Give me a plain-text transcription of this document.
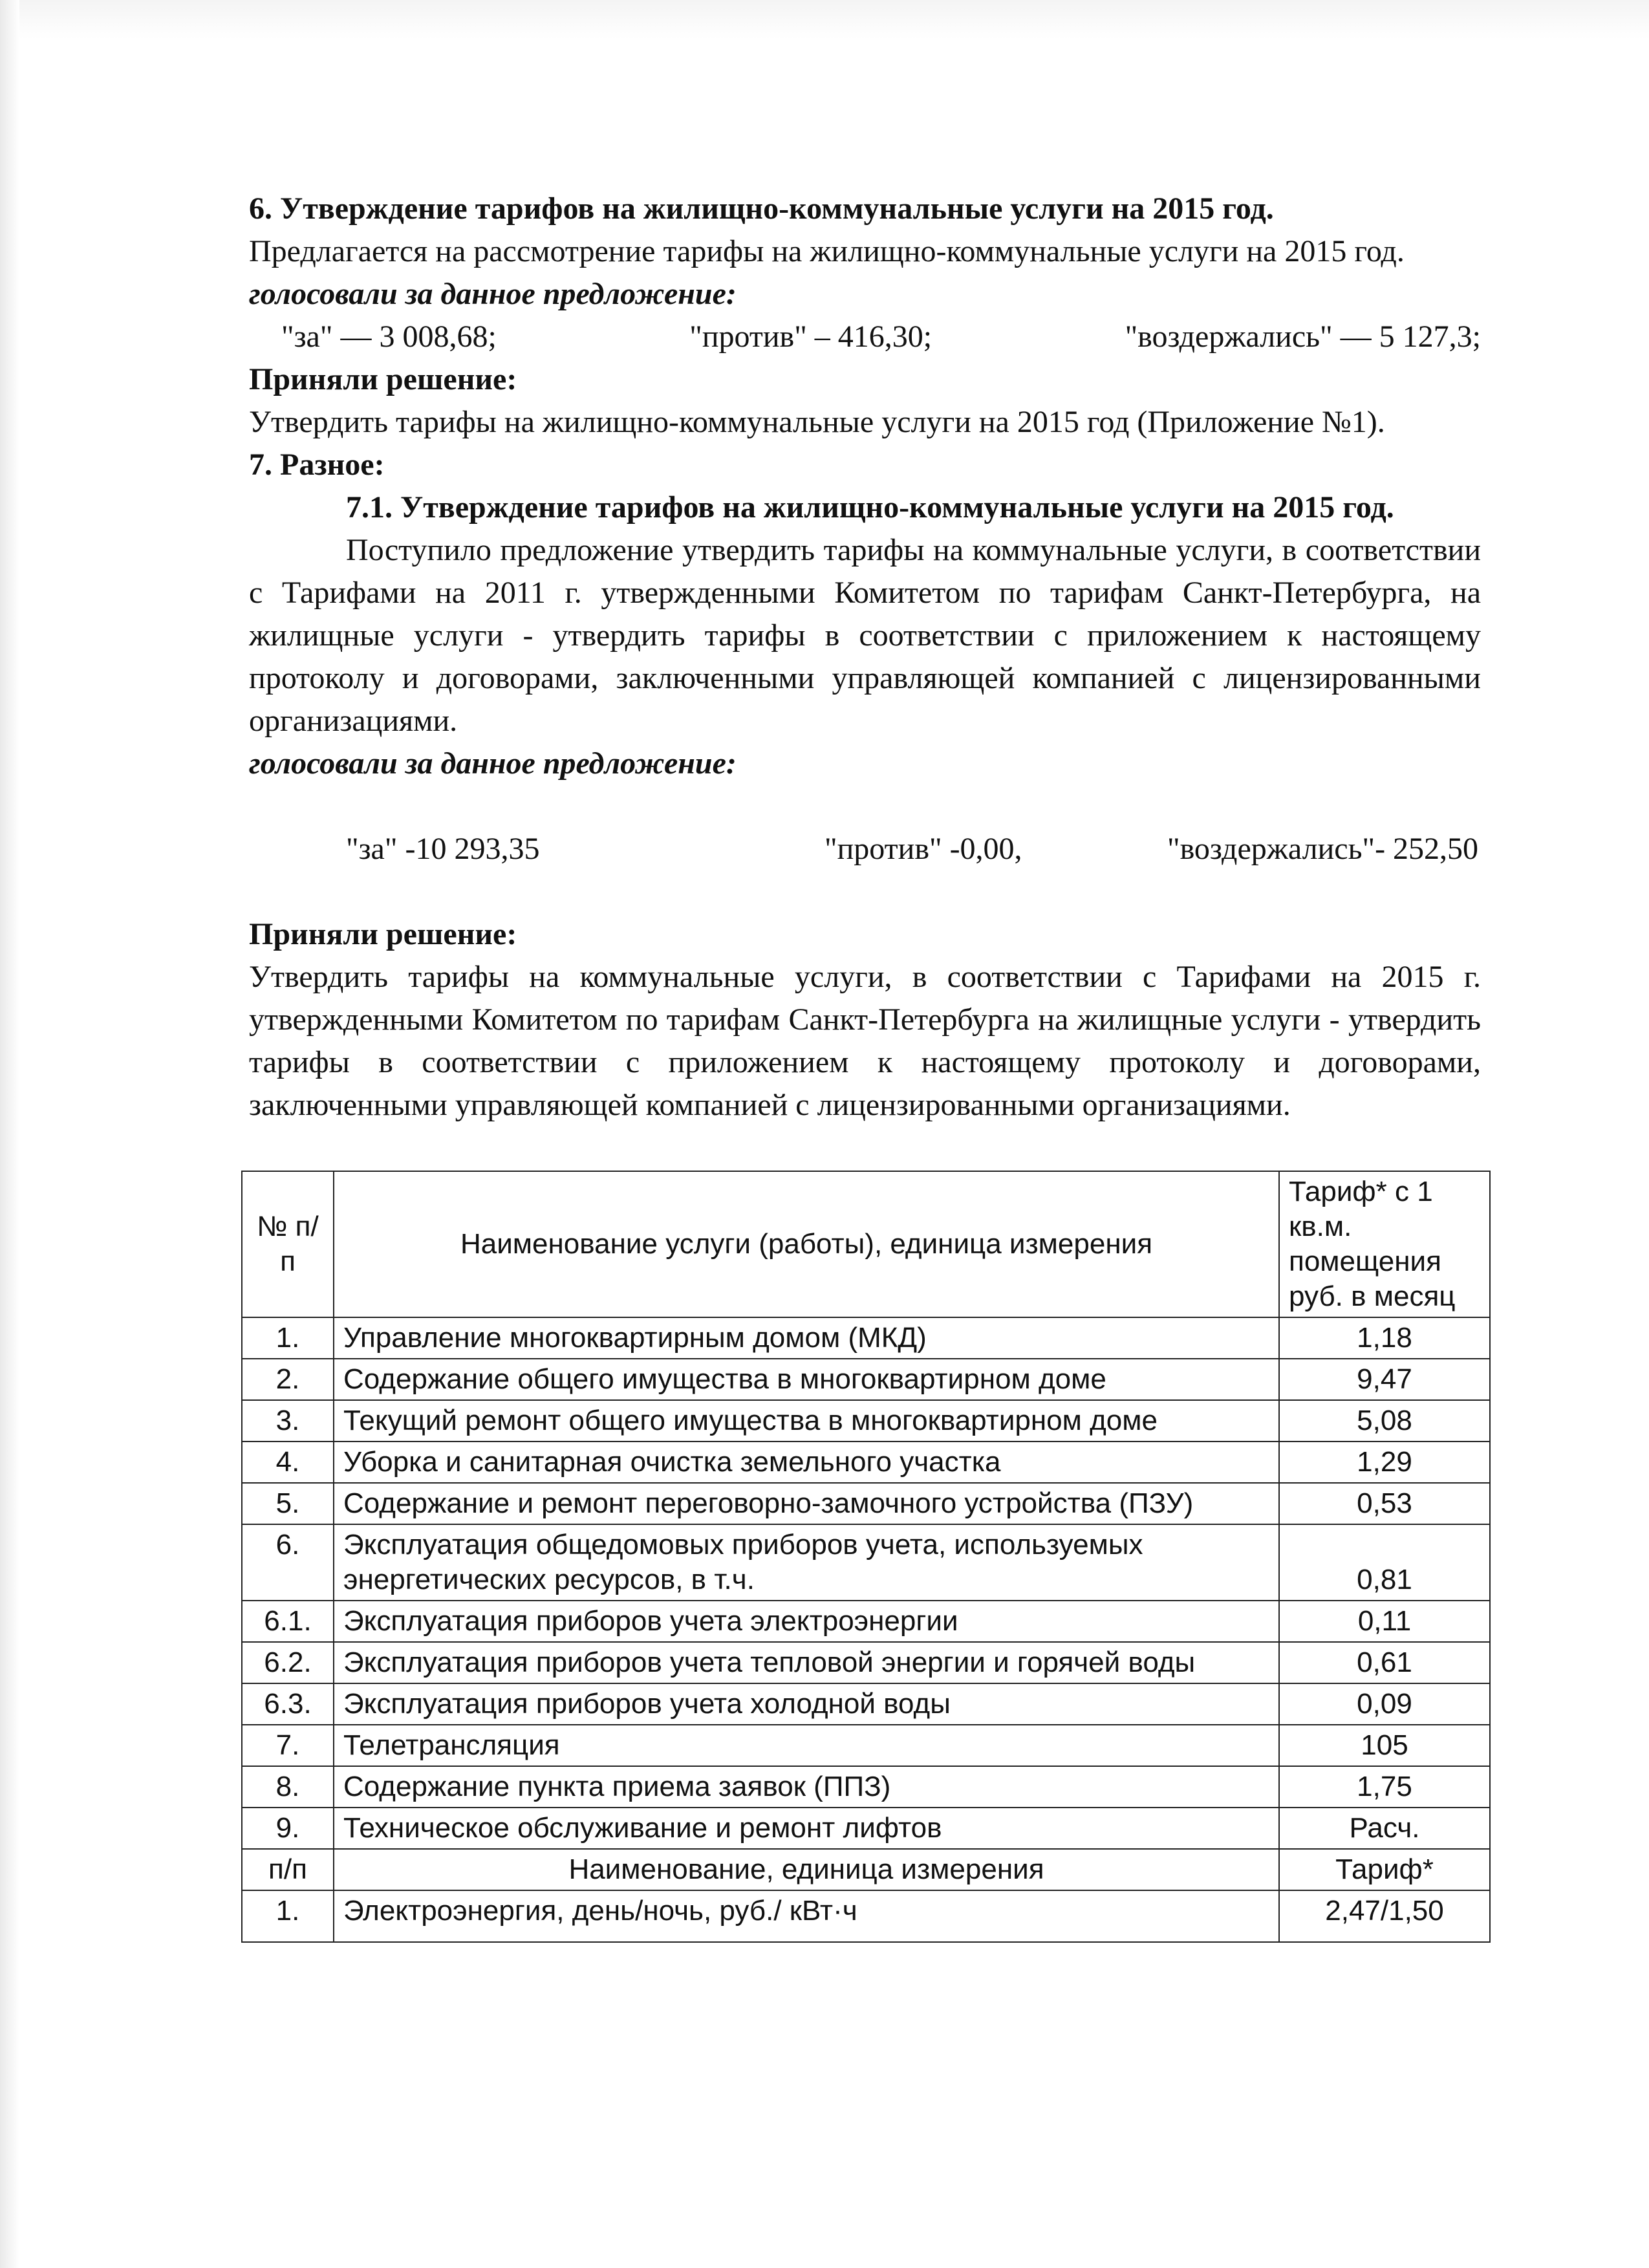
6. Утверждение тарифов на жилищно-коммунальные услуги на 2015 год.

Предлагается на рассмотрение тарифы на жилищно-коммунальные услуги на 2015 год.

голосовали за данное предложение:

"за" — 3 008,68;	"против" – 416,30;	"воздержались" — 5 127,3;

Приняли решение:

Утвердить тарифы на жилищно-коммунальные услуги на 2015 год (Приложение №1).

7. Разное:

7.1. Утверждение тарифов на жилищно-коммунальные услуги на 2015 год.

Поступило предложение утвердить тарифы на коммунальные услуги, в соответствии с Тарифами на 2011 г. утвержденными Комитетом по тарифам Санкт-Петербурга, на жилищные услуги - утвердить тарифы в соответствии с приложением к настоящему протоколу и договорами, заключенными управляющей компанией с лицензированными организациями.

голосовали за данное предложение:

"за" -10 293,35	"против" -0,00,	"воздержались"- 252,50

Приняли решение:

Утвердить тарифы на коммунальные услуги, в соответствии с Тарифами на 2015 г. утвержденными Комитетом по тарифам Санкт-Петербурга на жилищные услуги - утвердить тарифы в соответствии с приложением к настоящему протоколу и договорами, заключенными управляющей компанией с лицензированными организациями.

№ п/п	Наименование услуги (работы), единица измерения	Тариф* с 1 кв.м. помещения руб. в месяц
1.	Управление многоквартирным домом (МКД)	1,18
2.	Содержание общего имущества в многоквартирном доме	9,47
3.	Текущий ремонт общего имущества в многоквартирном доме	5,08
4.	Уборка и санитарная очистка земельного участка	1,29
5.	Содержание и ремонт переговорно-замочного устройства (ПЗУ)	0,53
6.	Эксплуатация общедомовых приборов учета, используемых энергетических ресурсов, в т.ч.	0,81
6.1.	Эксплуатация приборов учета электроэнергии	0,11
6.2.	Эксплуатация приборов учета тепловой энергии и горячей воды	0,61
6.3.	Эксплуатация приборов учета холодной воды	0,09
7.	Телетрансляция	105
8.	Содержание пункта приема заявок (ППЗ)	1,75
9.	Техническое обслуживание и ремонт лифтов	Расч.
п/п	Наименование, единица измерения	Тариф*
1.	Электроэнергия, день/ночь, руб./ кВт·ч	2,47/1,50
